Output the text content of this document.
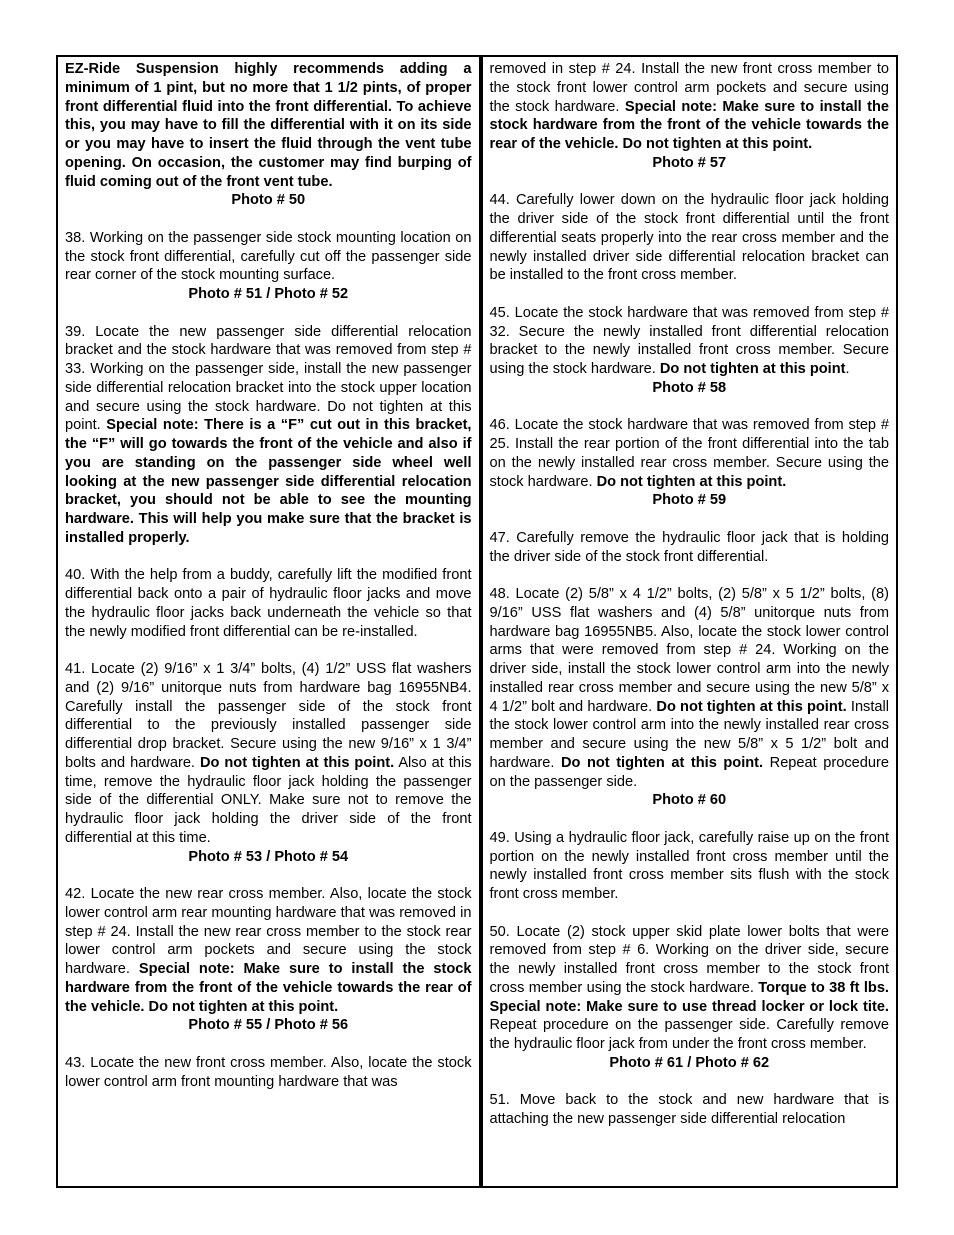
EZ-Ride Suspension highly recommends adding a minimum of 1 pint, but no more that 1 1/2 pints, of proper front differential fluid into the front differential. To achieve this, you may have to fill the differential with it on its side or you may have to insert the fluid through the vent tube opening. On occasion, the customer may find burping of fluid coming out of the front vent tube.
Photo # 50
38. Working on the passenger side stock mounting location on the stock front differential, carefully cut off the passenger side rear corner of the stock mounting surface.
Photo # 51 / Photo # 52
39. Locate the new passenger side differential relocation bracket and the stock hardware that was removed from step # 33. Working on the passenger side, install the new passenger side differential relocation bracket into the stock upper location and secure using the stock hardware. Do not tighten at this point. Special note: There is a “F” cut out in this bracket, the “F” will go towards the front of the vehicle and also if you are standing on the passenger side wheel well looking at the new passenger side differential relocation bracket, you should not be able to see the mounting hardware. This will help you make sure that the bracket is installed properly.
40. With the help from a buddy, carefully lift the modified front differential back onto a pair of hydraulic floor jacks and move the hydraulic floor jacks back underneath the vehicle so that the newly modified front differential can be re-installed.
41. Locate (2) 9/16” x 1 3/4” bolts, (4) 1/2” USS flat washers and (2) 9/16” unitorque nuts from hardware bag 16955NB4. Carefully install the passenger side of the stock front differential to the previously installed passenger side differential drop bracket. Secure using the new 9/16” x 1 3/4” bolts and hardware. Do not tighten at this point. Also at this time, remove the hydraulic floor jack holding the passenger side of the differential ONLY. Make sure not to remove the hydraulic floor jack holding the driver side of the front differential at this time.
Photo # 53 / Photo # 54
42. Locate the new rear cross member. Also, locate the stock lower control arm rear mounting hardware that was removed in step # 24. Install the new rear cross member to the stock rear lower control arm pockets and secure using the stock hardware. Special note: Make sure to install the stock hardware from the front of the vehicle towards the rear of the vehicle. Do not tighten at this point.
Photo # 55 / Photo # 56
43. Locate the new front cross member. Also, locate the stock lower control arm front mounting hardware that was
removed in step # 24. Install the new front cross member to the stock front lower control arm pockets and secure using the stock hardware. Special note: Make sure to install the stock hardware from the front of the vehicle towards the rear of the vehicle. Do not tighten at this point.
Photo # 57
44. Carefully lower down on the hydraulic floor jack holding the driver side of the stock front differential until the front differential seats properly into the rear cross member and the newly installed driver side differential relocation bracket can be installed to the front cross member.
45. Locate the stock hardware that was removed from step # 32. Secure the newly installed front differential relocation bracket to the newly installed front cross member. Secure using the stock hardware. Do not tighten at this point.
Photo # 58
46. Locate the stock hardware that was removed from step # 25. Install the rear portion of the front differential into the tab on the newly installed rear cross member. Secure using the stock hardware. Do not tighten at this point.
Photo # 59
47. Carefully remove the hydraulic floor jack that is holding the driver side of the stock front differential.
48. Locate (2) 5/8” x 4 1/2” bolts, (2) 5/8” x 5 1/2” bolts, (8) 9/16” USS flat washers and (4) 5/8” unitorque nuts from hardware bag 16955NB5. Also, locate the stock lower control arms that were removed from step # 24. Working on the driver side, install the stock lower control arm into the newly installed rear cross member and secure using the new 5/8” x 4 1/2” bolt and hardware. Do not tighten at this point. Install the stock lower control arm into the newly installed rear cross member and secure using the new 5/8” x 5 1/2” bolt and hardware. Do not tighten at this point. Repeat procedure on the passenger side.
Photo # 60
49. Using a hydraulic floor jack, carefully raise up on the front portion on the newly installed front cross member until the newly installed front cross member sits flush with the stock front cross member.
50. Locate (2) stock upper skid plate lower bolts that were removed from step # 6. Working on the driver side, secure the newly installed front cross member to the stock front cross member using the stock hardware. Torque to 38 ft lbs. Special note: Make sure to use thread locker or lock tite. Repeat procedure on the passenger side. Carefully remove the hydraulic floor jack from under the front cross member.
Photo # 61 / Photo # 62
51. Move back to the stock and new hardware that is attaching the new passenger side differential relocation
